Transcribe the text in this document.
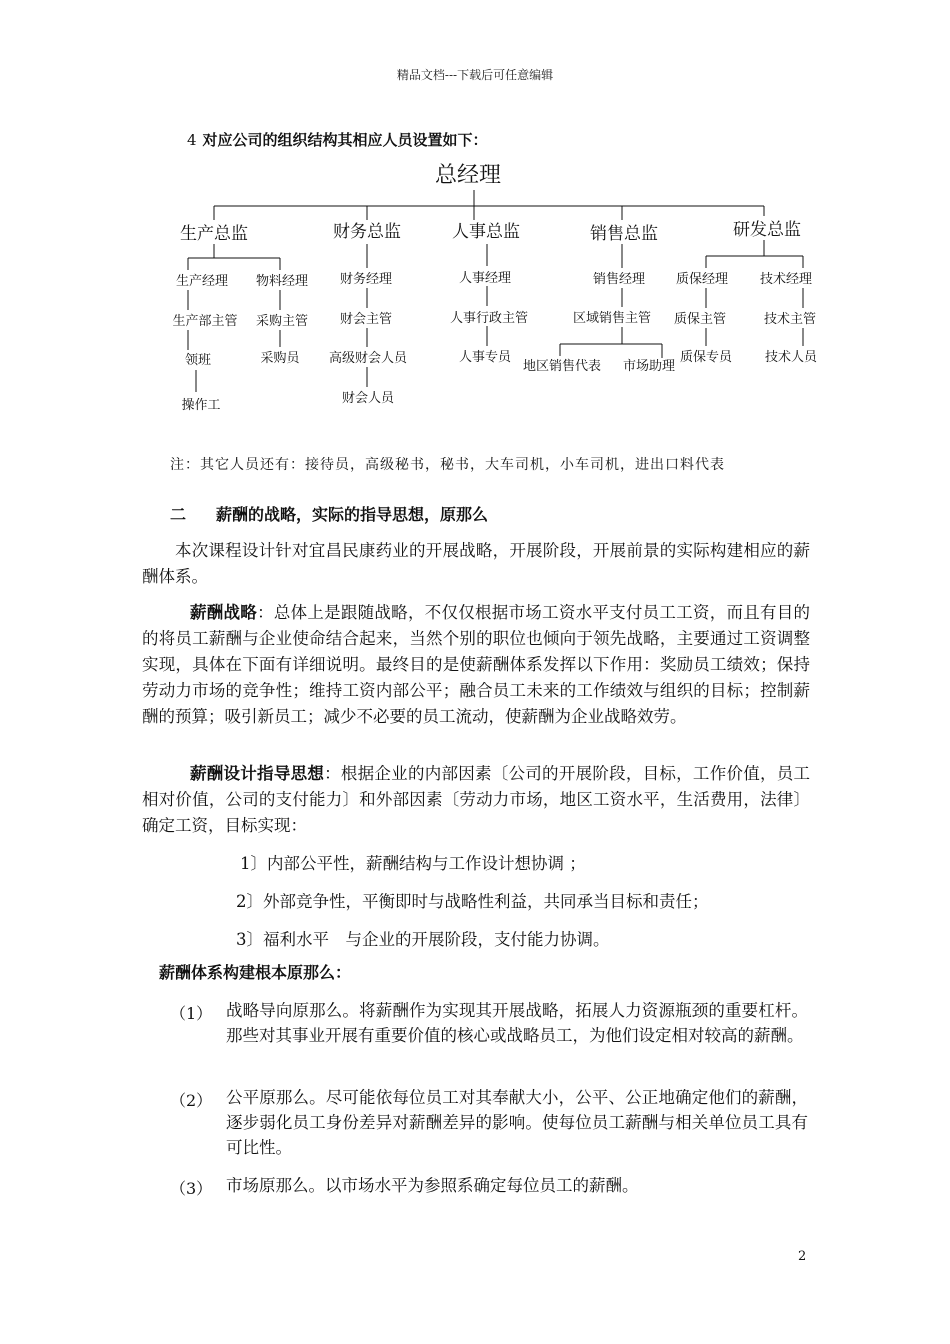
精品文档---下载后可任意编辑
4 对应公司的组织结构其相应人员设置如下：
总经理
生产总监
生产经理
生产部主管
领班
操作工
物料经理
采购主管
采购员
财务总监
财务经理
财会主管
高级财会人员
财会人员
人事总监
人事经理
人事行政主管
人事专员
销售总监
销售经理
区域销售主管
地区销售代表 市场助理
研发总监
质保经理
质保主管
质保专员
技术经理
技术主管
技术人员
注：其它人员还有：接待员，高级秘书，秘书，大车司机，小车司机，进出口料代表
二 薪酬的战略，实际的指导思想，原那么
本次课程设计针对宜昌民康药业的开展战略，开展阶段，开展前景的实际构建相应的薪酬体系。
薪酬战略：总体上是跟随战略，不仅仅根据市场工资水平支付员工工资，而且有目的的将员工薪酬与企业使命结合起来，当然个别的职位也倾向于领先战略，主要通过工资调整实现，具体在下面有详细说明。最终目的是使薪酬体系发挥以下作用：奖励员工绩效；保持劳动力市场的竞争性；维持工资内部公平；融合员工未来的工作绩效与组织的目标；控制薪酬的预算；吸引新员工；减少不必要的员工流动，使薪酬为企业战略效劳。
薪酬设计指导思想：根据企业的内部因素〔公司的开展阶段，目标，工作价值，员工相对价值，公司的支付能力〕和外部因素〔劳动力市场，地区工资水平，生活费用，法律〕确定工资，目标实现：
1〕内部公平性，薪酬结构与工作设计想协调 ；
2〕外部竞争性，平衡即时与战略性利益，共同承当目标和责任；
3〕福利水平　与企业的开展阶段，支付能力协调。
薪酬体系构建根本原那么：
（1） 战略导向原那么。将薪酬作为实现其开展战略，拓展人力资源瓶颈的重要杠杆。那些对其事业开展有重要价值的核心或战略员工，为他们设定相对较高的薪酬。
（2） 公平原那么。尽可能依每位员工对其奉献大小，公平、公正地确定他们的薪酬，逐步弱化员工身份差异对薪酬差异的影响。使每位员工薪酬与相关单位员工具有可比性。
（3） 市场原那么。以市场水平为参照系确定每位员工的薪酬。
2
